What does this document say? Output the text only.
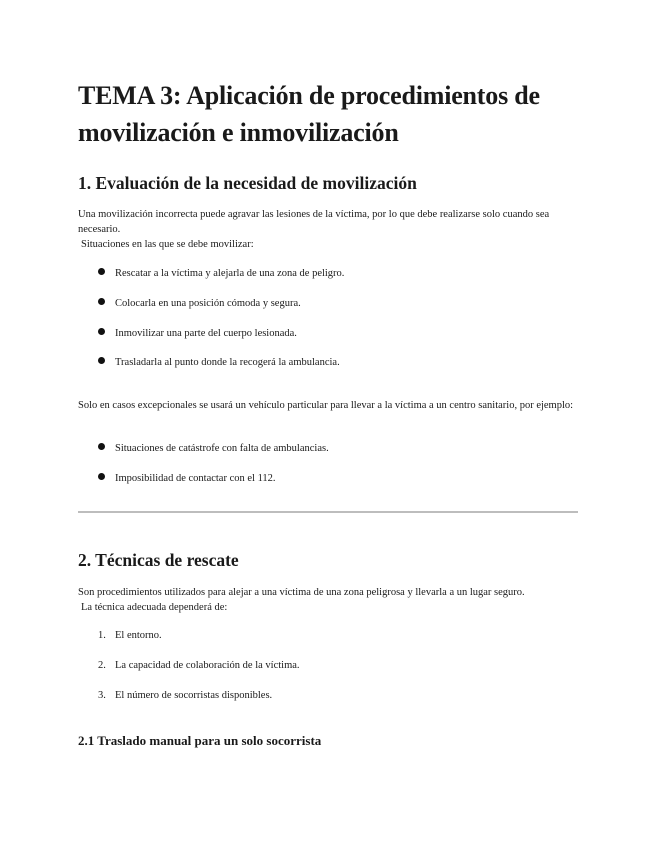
TEMA 3: Aplicación de procedimientos de movilización e inmovilización
1. Evaluación de la necesidad de movilización

Una movilización incorrecta puede agravar las lesiones de la víctima, por lo que debe realizarse solo cuando sea necesario.
Situaciones en las que se debe movilizar:

Rescatar a la víctima y alejarla de una zona de peligro.
Colocarla en una posición cómoda y segura.
Inmovilizar una parte del cuerpo lesionada.
Trasladarla al punto donde la recogerá la ambulancia.

Solo en casos excepcionales se usará un vehículo particular para llevar a la víctima a un centro sanitario, por ejemplo:

Situaciones de catástrofe con falta de ambulancias.
Imposibilidad de contactar con el 112.
2. Técnicas de rescate

Son procedimientos utilizados para alejar a una víctima de una zona peligrosa y llevarla a un lugar seguro.
La técnica adecuada dependerá de:

1. El entorno.
2. La capacidad de colaboración de la víctima.
3. El número de socorristas disponibles.
2.1 Traslado manual para un solo socorrista
